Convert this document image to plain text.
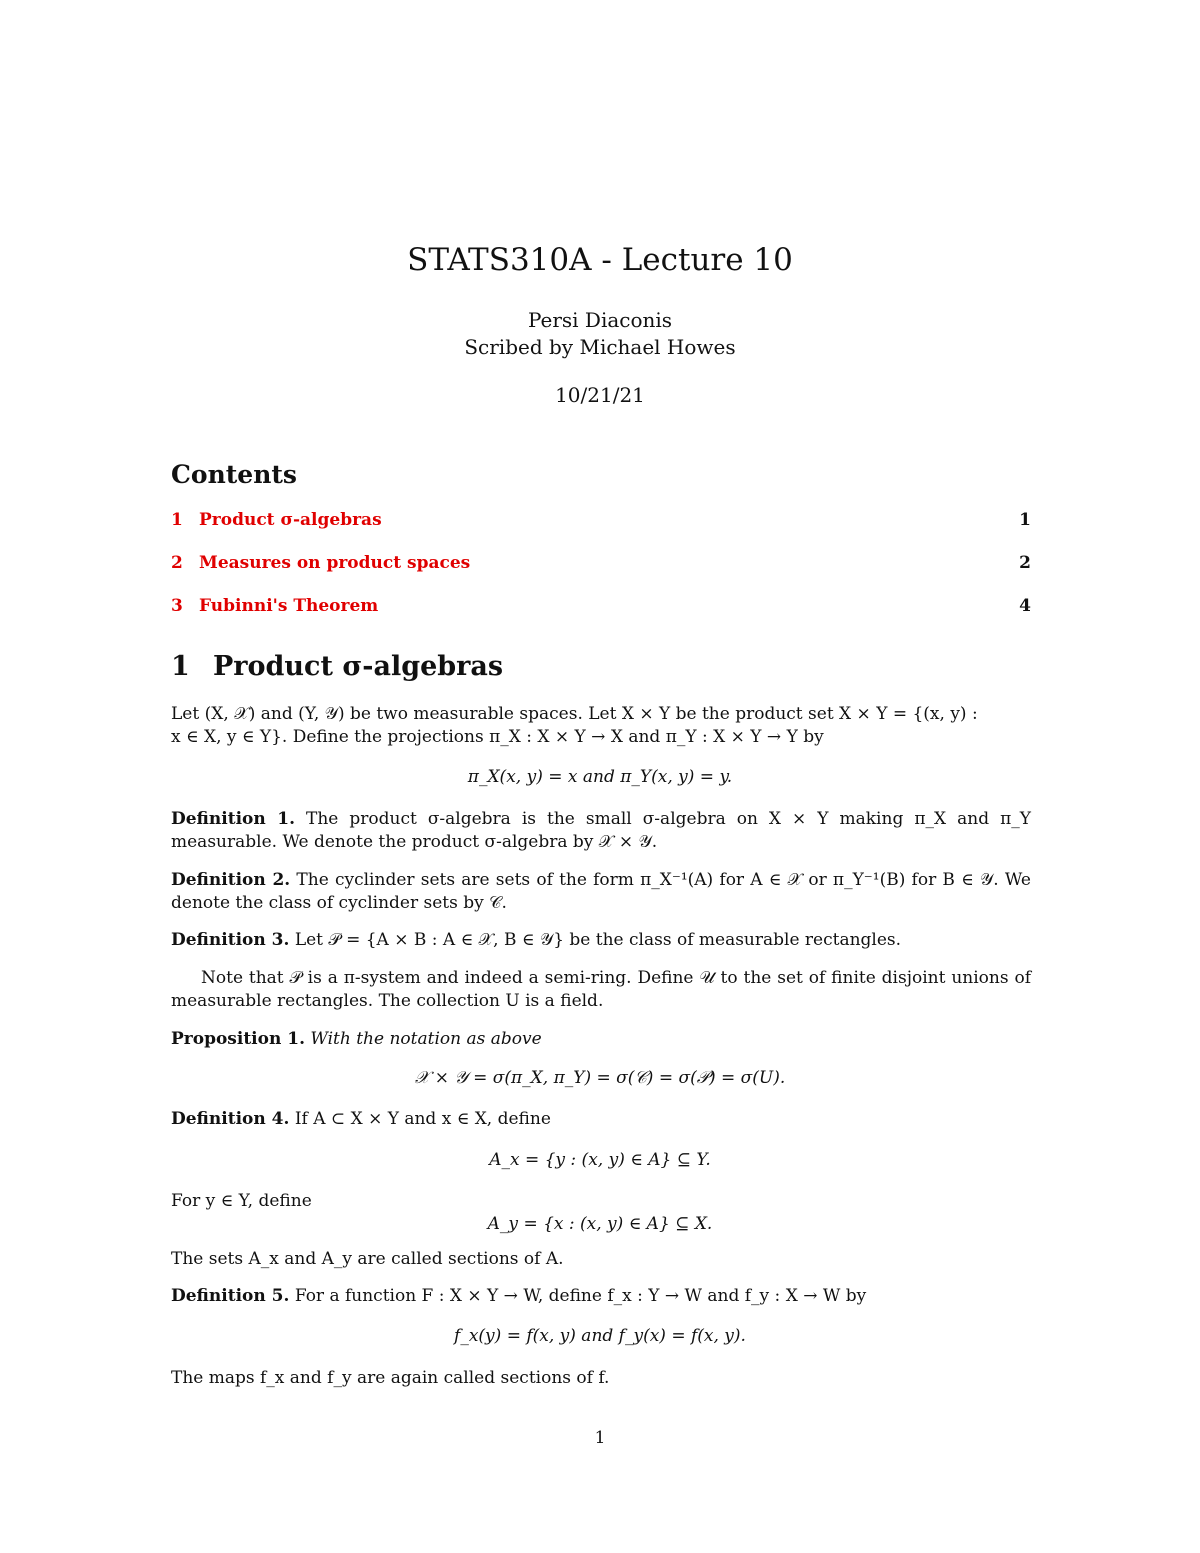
STATS310A - Lecture 10
Persi Diaconis
Scribed by Michael Howes
10/21/21
Contents
1 Product σ-algebras	1
2 Measures on product spaces	2
3 Fubinni's Theorem	4
1 Product σ-algebras
Let (X, 𝒳) and (Y, 𝒴) be two measurable spaces. Let X × Y be the product set X × Y = {(x, y) :
x ∈ X, y ∈ Y}. Define the projections π_X : X × Y → X and π_Y : X × Y → Y by
π_X(x, y) = x and π_Y(x, y) = y.
Definition 1. The product σ-algebra is the small σ-algebra on X × Y making π_X and π_Y measurable. We denote the product σ-algebra by 𝒳 × 𝒴.
Definition 2. The cyclinder sets are sets of the form π_X⁻¹(A) for A ∈ 𝒳 or π_Y⁻¹(B) for B ∈ 𝒴. We denote the class of cyclinder sets by 𝒞.
Definition 3. Let 𝒫 = {A × B : A ∈ 𝒳, B ∈ 𝒴} be the class of measurable rectangles.
Note that 𝒫 is a π-system and indeed a semi-ring. Define 𝒰 to the set of finite disjoint unions of measurable rectangles. The collection U is a field.
Proposition 1. With the notation as above
𝒳 × 𝒴 = σ(π_X, π_Y) = σ(𝒞) = σ(𝒫) = σ(U).
Definition 4. If A ⊂ X × Y and x ∈ X, define
A_x = {y : (x, y) ∈ A} ⊆ Y.
For y ∈ Y, define
A_y = {x : (x, y) ∈ A} ⊆ X.
The sets A_x and A_y are called sections of A.
Definition 5. For a function F : X × Y → W, define f_x : Y → W and f_y : X → W by
f_x(y) = f(x, y) and f_y(x) = f(x, y).
The maps f_x and f_y are again called sections of f.
1
